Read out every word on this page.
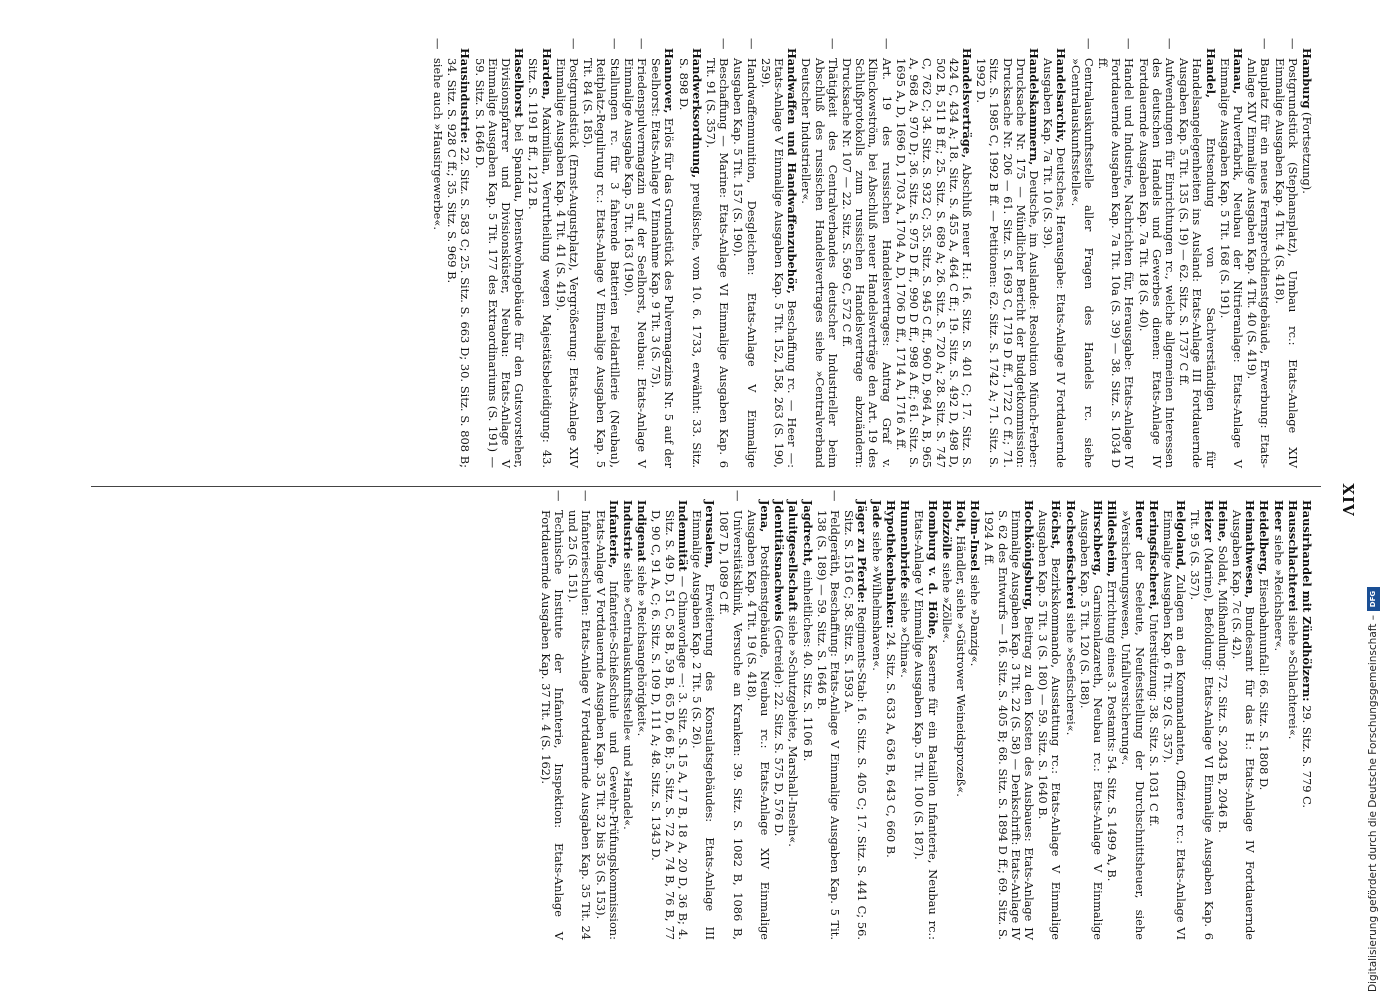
XIV
Hamburg (Fortsetzung).
—Postgrundstück (Stephansplatz), Umbau rc.: Etats-Anlage XIV Einmalige Ausgaben Kap. 4 Tit. 4 (S. 418).
—Bauplatz für ein neues Fernsprechdienstgebäude, Erwerbung: Etats-Anlage XIV Einmalige Ausgaben Kap. 4 Tit. 40 (S. 419).
Hanau, Pulverfabrik, Neubau der Nitrieranlage: Etats-Anlage V Einmalige Ausgaben Kap. 5 Tit. 168 (S. 191).
Handel, Entsendung von Sachverständigen für Handelsangelegenheiten ins Ausland: Etats-Anlage III Fortdauernde Ausgaben Kap. 5 Tit. 135 (S. 19) — 62. Sitz. S. 1737 C ff.
—Aufwendungen für Einrichtungen rc., welche allgemeinen Interessen des deutschen Handels und Gewerbes dienen: Etats-Anlage IV Fortdauernde Ausgaben Kap. 7a Tit. 18 (S. 40).
—Handel und Industrie, Nachrichten für, Herausgabe: Etats-Anlage IV Fortdauernde Ausgaben Kap. 7a Tit. 10a (S. 39) — 38. Sitz. S. 1034 D ff.
—Centralauskunftsstelle aller Fragen des Handels rc. siehe »Centralauskunftsstelle«.
Handelsarchiv, Deutsches, Herausgabe: Etats-Anlage IV Fortdauernde Ausgaben Kap. 7a Tit. 10 (S. 39).
Handelskammern, Deutsche, im Auslande: Resolution Münch-Ferber: Drucksache Nr. 175 — Mündlicher Bericht der Budgetkommission: Drucksache Nr. 206 — 61. Sitz. S. 1693 C, 1719 D ff., 1722 C ff.; 71. Sitz. S. 1985 C, 1992 B ff. — Petitionen: 62. Sitz. S. 1742 A; 71. Sitz. S. 1992 D.
Handelsverträge, Abschluß neuer H.: 16. Sitz. S. 401 C; 17. Sitz. S. 424 C, 434 A; 18. Sitz. S. 455 A, 464 C ff.; 19. Sitz. S. 492 D, 498 D, 502 B, 511 B ff.; 25. Sitz. S. 689 A; 26. Sitz. S. 720 A; 28. Sitz. S. 747 C, 762 C; 34. Sitz. S. 932 C; 35. Sitz. S. 945 C ff., 960 D, 964 A, B, 965 A, 968 A, 970 D; 36. Sitz. S. 975 D ff., 990 D ff., 998 A ff.; 61. Sitz. S. 1695 A, D, 1696 D, 1703 A, 1704 A, D, 1706 D ff., 1714 A, 1716 A ff.
—Art. 19 des russischen Handelsvertrages: Antrag Graf v. Klinckowström, bei Abschluß neuer Handelsverträge den Art. 19 des Schlußprotokolls zum russischen Handelsvertrage abzuändern: Drucksache Nr. 107 — 22. Sitz. S. 569 C, 572 C ff.
—Thätigkeit des Centralverbandes deutscher Industrieller beim Abschluß des russischen Handelsvertrages siehe »Centralverband Deutscher Industrieller«.
Handwaffen und Handwaffenzubehör, Beschaffung rc. — Heer —: Etats-Anlage V Einmalige Ausgaben Kap. 5 Tit. 152, 158, 263 (S. 190, 259).
—Handwaffenmunition, Desgleichen: Etats-Anlage V Einmalige Ausgaben Kap. 5 Tit. 157 (S. 190).
—Beschaffung — Marine: Etats-Anlage VI Einmalige Ausgaben Kap. 6 Tit. 91 (S. 357).
Handwerksordnung, preußische, vom 10. 6. 1733, erwähnt: 33. Sitz. S. 898 D.
Hannover, Erlös für das Grundstück des Pulvermagazins Nr. 5 auf der Seelhorst: Etats-Anlage V Einnahme Kap. 9 Tit. 3 (S. 75).
—Friedenspulvermagazin auf der Seelhorst, Neubau: Etats-Anlage V Einmalige Ausgabe Kap. 5 Tit. 163 (190).
—Stallungen rc. für 3 fahrende Batterien Feldartillerie (Neubau), Reitplatz-Regulirung rc.: Etats-Anlage V Einmalige Ausgaben Kap. 5 Tit. 84 (S. 185).
—Postgrundstück (Ernst-Augustplatz), Vergrößerung: Etats-Anlage XIV Einmalige Ausgaben Kap. 4 Tit. 41 (S. 419).
Harden, Maximilian, Verurtheilung wegen Majestätsbeleidigung: 43. Sitz. S. 1191 B ff., 1212 B.
Haselhorst bei Spandau, Dienstwohngebäude für den Gutsvorsteher, Divisionspfarrer und Divisionsküster, Neubau: Etats-Anlage V Einmalige Ausgaben Kap. 5 Tit. 177 des Extraordinariums (S. 191) — 59. Sitz. S. 1646 D.
Hausindustrie: 22. Sitz. S. 583 C; 25. Sitz. S. 663 D; 30. Sitz. S. 808 B; 34. Sitz. S. 928 C ff.; 35. Sitz. S. 969 B.
—siehe auch »Hausirgewerbe«.
Hausirhandel mit Zündhölzern: 29. Sitz. S. 779 C.
Hausschlachterei siehe »Schlachterei«.
Heer siehe »Reichsheer«.
Heidelberg, Eisenbahnunfall: 66. Sitz. S. 1808 D.
Heimathwesen, Bundesamt für das H.: Etats-Anlage IV Fortdauernde Ausgaben Kap. 7c (S. 42).
Heine, Soldat, Mißhandlung: 72. Sitz. S. 2043 B, 2046 B.
Heizer (Marine), Befoldung: Etats-Anlage VI Einmalige Ausgaben Kap. 6 Tit. 95 (S. 357).
Helgoland, Zulagen an den Kommandanten, Offiziere rc.: Etats-Anlage VI Einmalige Ausgaben Kap. 6 Tit. 92 (S. 357).
Heringsfischerei, Unterstützung: 38. Sitz. S. 1031 C ff.
Heuer der Seeleute, Neufeststellung der Durchschnittsheuer, siehe »Versicherungswesen, Unfallversicherung«.
Hildesheim, Errichtung eines 3. Postamts: 54. Sitz. S. 1499 A, B.
Hirschberg, Garnisonlazareth, Neubau rc.: Etats-Anlage V Einmalige Ausgaben Kap. 5 Tit. 120 (S. 188).
Hochseefischerei siehe »Seefischerei«.
Höchst, Bezirkskommando, Ausstattung rc.: Etats-Anlage V Einmalige Ausgaben Kap. 5 Tit. 3 (S. 180) — 59. Sitz. S. 1640 B.
Hochkönigsburg, Beitrag zu den Kosten des Ausbaues: Etats-Anlage IV Einmalige Ausgaben Kap. 3 Tit. 22 (S. 58) — Denkschrift: Etats-Anlage IV S. 62 des Entwurfs — 16. Sitz. S. 405 B; 68. Sitz. S. 1894 D ff.; 69. Sitz. S. 1924 A ff.
Holm-Insel siehe »Danzig«.
Holt, Händler, siehe »Güstrower Weineidsprozeß«.
Holzzölle siehe »Zölle«.
Homburg v. d. Höhe, Kaserne für ein Bataillon Infanterie, Neubau rc.: Etats-Anlage V Einmalige Ausgaben Kap. 5 Tit. 100 (S. 187).
Hunnenbriefe siehe »China«.
Hypothekenbanken: 24. Sitz. S. 633 A, 636 B, 643 C, 660 B.
Jade siehe »Wilhelmshaven«.
Jäger zu Pferde: Regiments-Stab: 16. Sitz. S. 405 C; 17. Sitz. S. 441 C; 56. Sitz. S. 1516 C; 58. Sitz. S. 1593 A.
—Feldgeräth, Beschaffung: Etats-Anlage V Einmalige Ausgaben Kap. 5 Tit. 138 (S. 189) — 59. Sitz. S. 1646 B.
Jagdrecht, einheitliches: 40. Sitz. S. 1106 B.
Jaluitgesellschaft siehe »Schutzgebiete, Marshall-Inseln«.
Jdentitätsnachweis (Getreide): 22. Sitz. S. 575 D, 576 D.
Jena, Postdienstgebäude, Neubau rc.: Etats-Anlage XIV Einmalige Ausgaben Kap. 4 Tit. 19 (S. 418).
—Universitätsklinik, Versuche an Kranken: 39. Sitz. S. 1082 B, 1086 B, 1087 D, 1089 C ff.
Jerusalem, Erweiterung des Konsulatsgebäudes: Etats-Anlage III Einmalige Ausgaben Kap. 2 Tit. 5 (S. 26).
Indemnität — Chinavorlage —: 3. Sitz. S. 15 A, 17 B, 18 A, 20 D, 36 B; 4. Sitz. S. 49 D, 51 C, 58 B, 59 B, 65 D, 66 B; 5. Sitz. S. 72 A, 74 B, 76 B, 77 D, 90 C, 91 A, C; 6. Sitz. S. 109 D, 111 A; 48. Sitz. S. 1343 D.
Indigenat siehe »Reichsangehörigkeit«.
Industrie siehe »Centralauskunftsstelle« und »Handel«.
Infanterie, Infanterie-Schießschule und Gewehr-Prüfungskommission: Etats-Anlage V Fortdauernde Ausgaben Kap. 35 Tit. 32 bis 35 (S. 153).
—Infanterieschulen: Etats-Anlage V Fortdauernde Ausgaben Kap. 35 Tit. 24 und 25 (S. 151).
—Technische Institute der Infanterie, Inspektion: Etats-Anlage V Fortdauernde Ausgaben Kap. 37 Tit. 4 (S. 162).	Digitalisierung gefördert durch die Deutsche Forschungsgemeinschaft –
DFG
